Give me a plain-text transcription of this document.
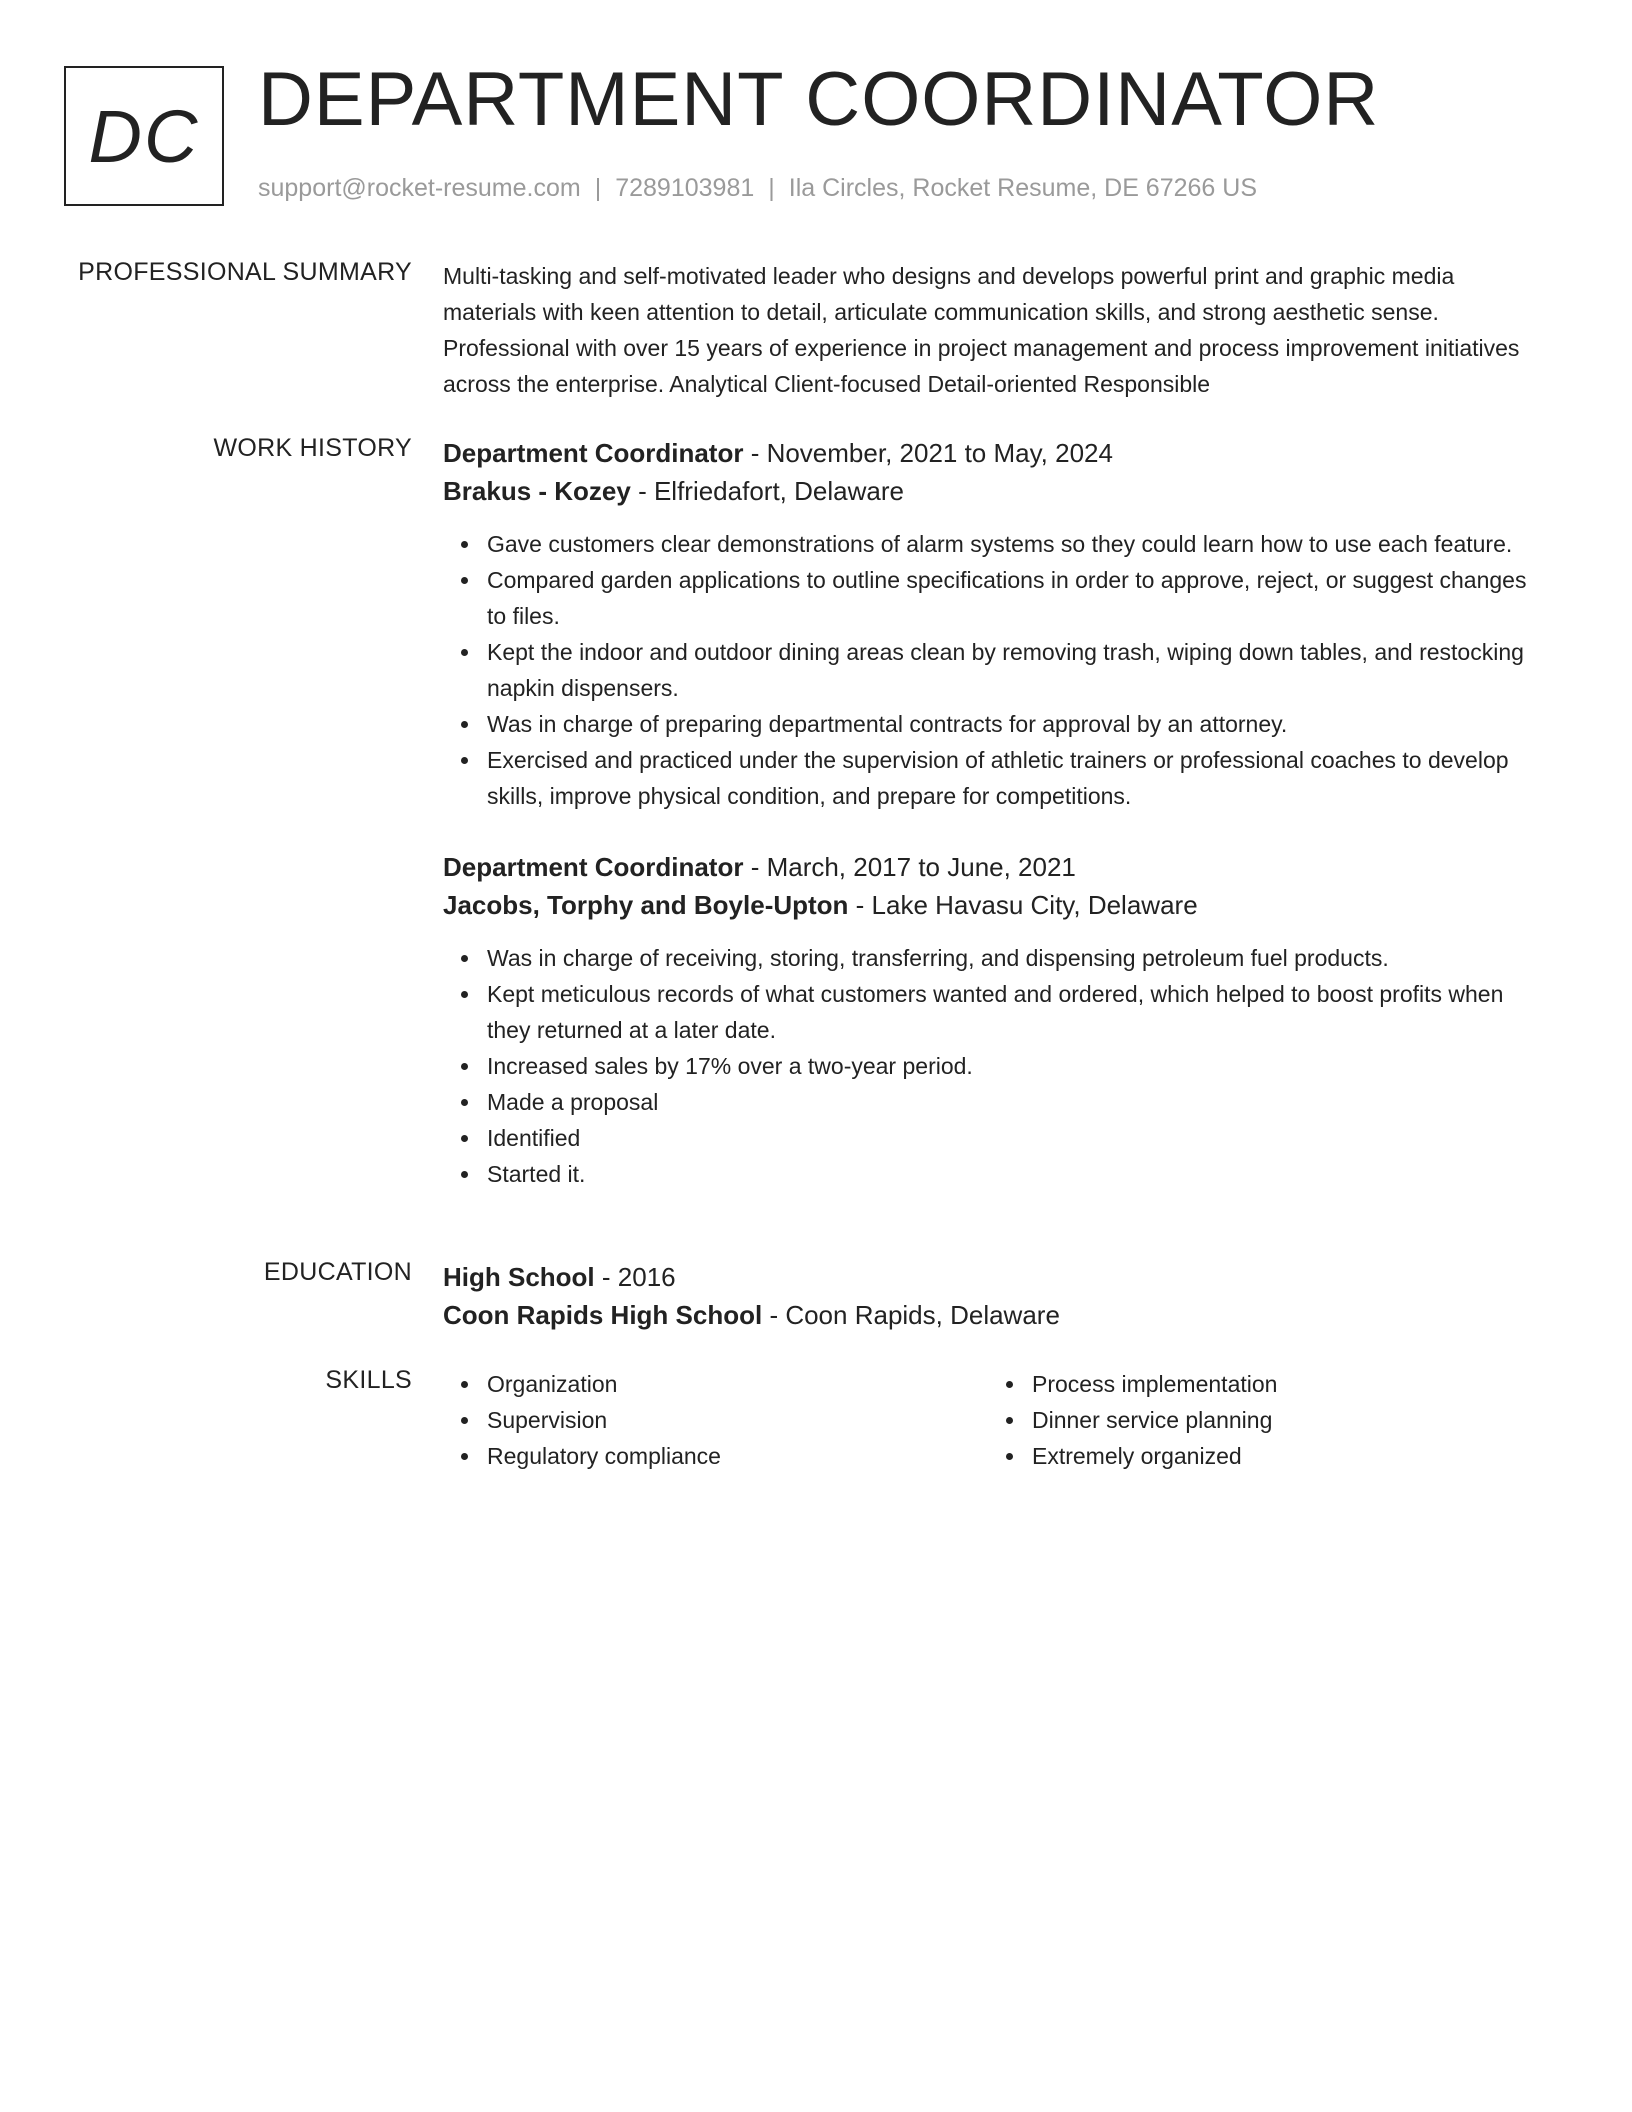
DC DEPARTMENT COORDINATOR
support@rocket-resume.com | 7289103981 | Ila Circles, Rocket Resume, DE 67266 US
PROFESSIONAL SUMMARY Multi-tasking and self-motivated leader who designs and develops powerful print and graphic media materials with keen attention to detail, articulate communication skills, and strong aesthetic sense. Professional with over 15 years of experience in project management and process improvement initiatives across the enterprise. Analytical Client-focused Detail-oriented Responsible

WORK HISTORY Department Coordinator - November, 2021 to May, 2024

Brakus - Kozey - Elfriedafort, Delaware

Gave customers clear demonstrations of alarm systems so they could learn how to use each feature.
Compared garden applications to outline specifications in order to approve, reject, or suggest changes to files.
Kept the indoor and outdoor dining areas clean by removing trash, wiping down tables, and restocking napkin dispensers.
Was in charge of preparing departmental contracts for approval by an attorney.
Exercised and practiced under the supervision of athletic trainers or professional coaches to develop skills, improve physical condition, and prepare for competitions.

Department Coordinator - March, 2017 to June, 2021

Jacobs, Torphy and Boyle-Upton - Lake Havasu City, Delaware

Was in charge of receiving, storing, transferring, and dispensing petroleum fuel products.
Kept meticulous records of what customers wanted and ordered, which helped to boost profits when they returned at a later date.
Increased sales by 17% over a two-year period.
Made a proposal
Identified
Started it.
EDUCATION High School - 2016

Coon Rapids High School - Coon Rapids, Delaware

SKILLS	Organization
Supervision
Regulatory compliance
Process implementation
Dinner service planning
Extremely organized
